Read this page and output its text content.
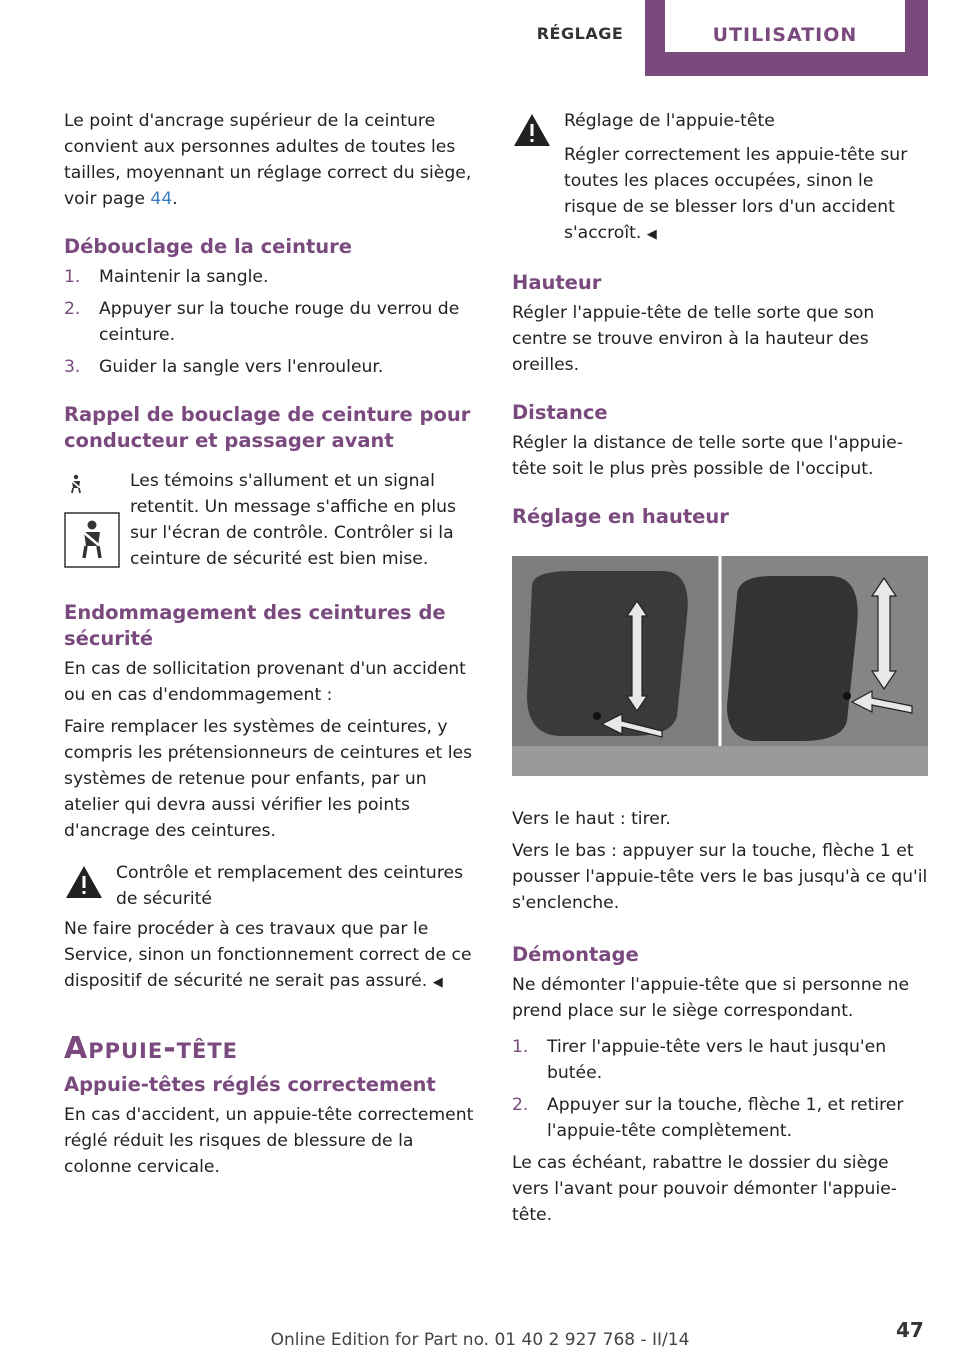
RÉGLAGE	UTILISATION

Le point d'ancrage supérieur de la ceinture convient aux personnes adultes de toutes les tailles, moyennant un réglage correct du siège, voir page 44.

Débouclage de la ceinture
1. Maintenir la sangle.
2. Appuyer sur la touche rouge du verrou de ceinture.
3. Guider la sangle vers l'enrouleur.
Rappel de bouclage de ceinture pour conducteur et passager avant

Les témoins s'allument et un signal retentit. Un message s'affiche en plus sur l'écran de contrôle. Contrôler si la ceinture de sécurité est bien mise.

Endommagement des ceintures de sécurité

En cas de sollicitation provenant d'un accident ou en cas d'endommagement :

Faire remplacer les systèmes de ceintures, y compris les prétensionneurs de ceintures et les systèmes de retenue pour enfants, par un atelier qui devra aussi vérifier les points d'ancrage des ceintures.

Contrôle et remplacement des ceintures de sécurité

Ne faire procéder à ces travaux que par le Service, sinon un fonctionnement correct de ce dispositif de sécurité ne serait pas assuré. ◀

Appuie-tête
Appuie-têtes réglés correctement

En cas d'accident, un appuie-tête correctement réglé réduit les risques de blessure de la colonne cervicale.

Réglage de l'appuie-tête

Régler correctement les appuie-tête sur toutes les places occupées, sinon le risque de se blesser lors d'un accident s'accroît. ◀

Hauteur

Régler l'appuie-tête de telle sorte que son centre se trouve environ à la hauteur des oreilles.

Distance

Régler la distance de telle sorte que l'appuie-tête soit le plus près possible de l'occiput.

Réglage en hauteur

Vers le haut : tirer.

Vers le bas : appuyer sur la touche, flèche 1 et pousser l'appuie-tête vers le bas jusqu'à ce qu'il s'enclenche.

Démontage

Ne démonter l'appuie-tête que si personne ne prend place sur le siège correspondant.

1. Tirer l'appuie-tête vers le haut jusqu'en butée.
2. Appuyer sur la touche, flèche 1, et retirer l'appuie-tête complètement.

Le cas échéant, rabattre le dossier du siège vers l'avant pour pouvoir démonter l'appuie-tête.

Online Edition for Part no. 01 40 2 927 768 - II/14	47
